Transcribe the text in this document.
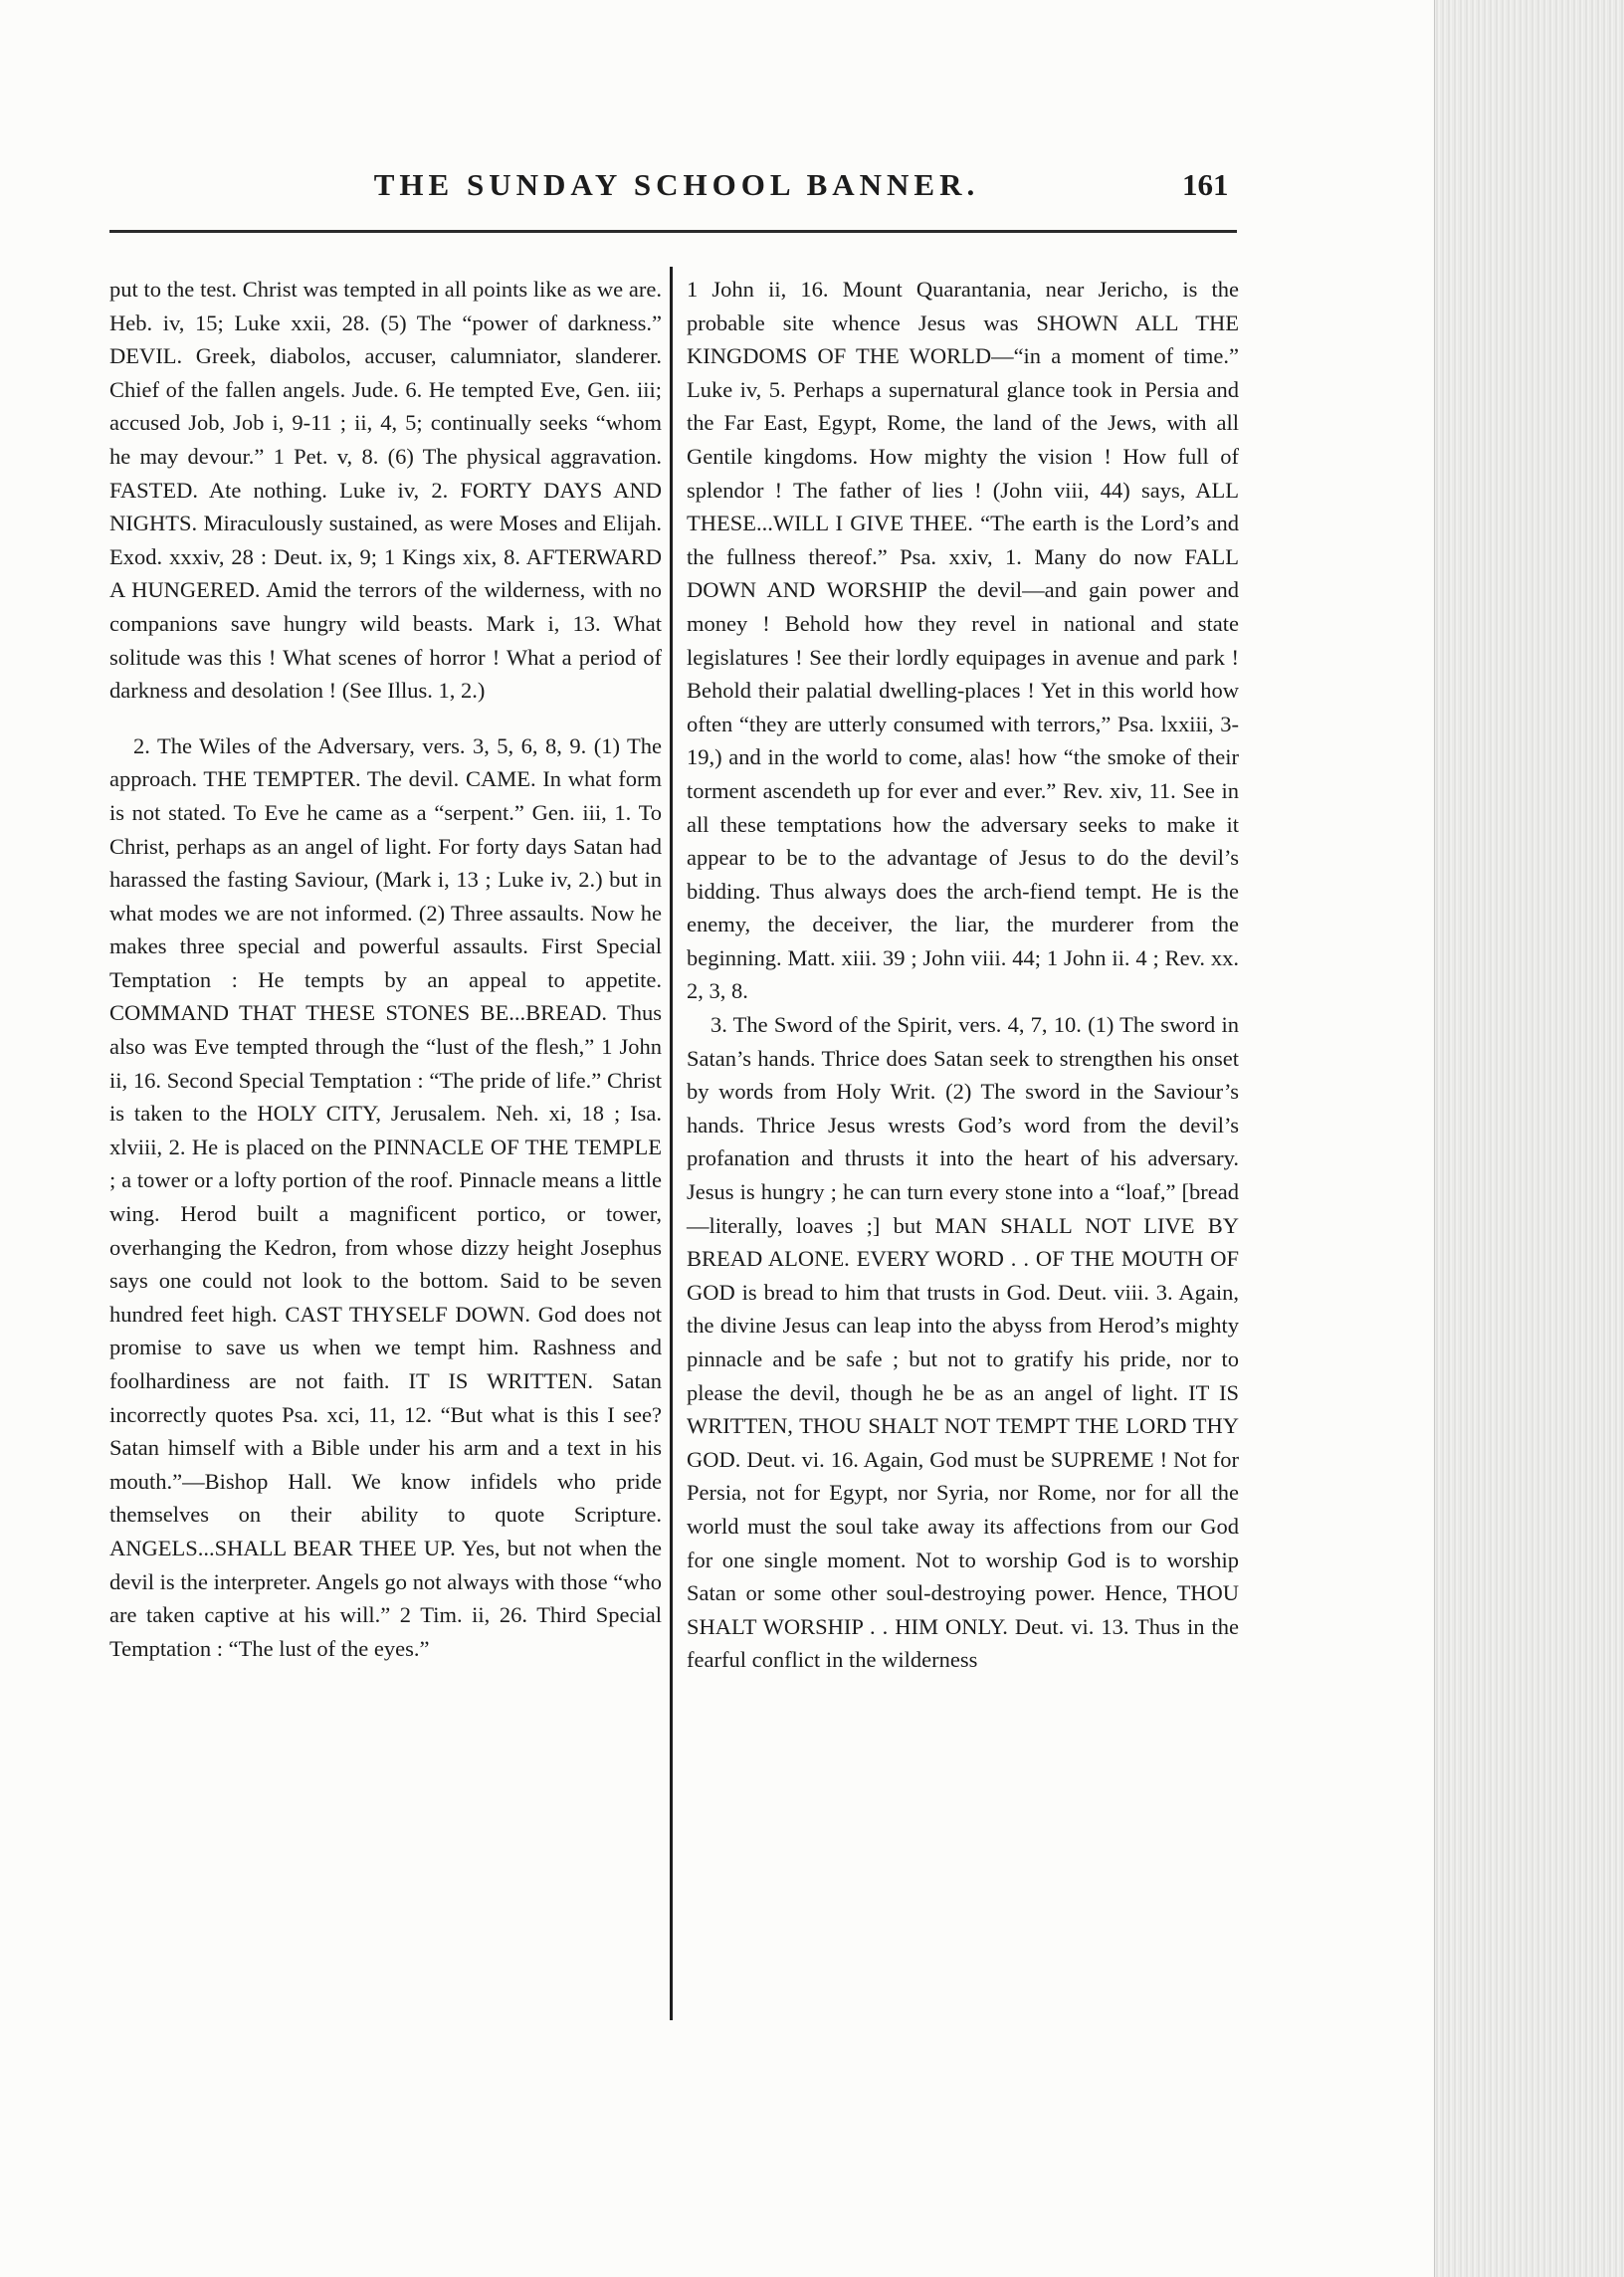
THE SUNDAY SCHOOL BANNER.	161

put to the test. Christ was tempted in all points like as we are. Heb. iv, 15; Luke xxii, 28. (5) The “power of darkness.” DEVIL. Greek, diabolos, accuser, calumniator, slanderer. Chief of the fallen angels. Jude. 6. He tempted Eve, Gen. iii; accused Job, Job i, 9-11 ; ii, 4, 5; continually seeks “whom he may devour.” 1 Pet. v, 8. (6) The physical aggravation. FASTED. Ate nothing. Luke iv, 2. FORTY DAYS AND NIGHTS. Miraculously sustained, as were Moses and Elijah. Exod. xxxiv, 28 : Deut. ix, 9; 1 Kings xix, 8. AFTERWARD A HUNGERED. Amid the terrors of the wilderness, with no companions save hungry wild beasts. Mark i, 13. What solitude was this ! What scenes of horror ! What a period of darkness and desolation ! (See Illus. 1, 2.)

2. The Wiles of the Adversary, vers. 3, 5, 6, 8, 9. (1) The approach. THE TEMPTER. The devil. CAME. In what form is not stated. To Eve he came as a “serpent.” Gen. iii, 1. To Christ, perhaps as an angel of light. For forty days Satan had harassed the fasting Saviour, (Mark i, 13 ; Luke iv, 2.) but in what modes we are not informed. (2) Three assaults. Now he makes three special and powerful assaults. First Special Temptation : He tempts by an appeal to appetite. COMMAND THAT THESE STONES BE...BREAD. Thus also was Eve tempted through the “lust of the flesh,” 1 John ii, 16. Second Special Temptation : “The pride of life.” Christ is taken to the HOLY CITY, Jerusalem. Neh. xi, 18 ; Isa. xlviii, 2. He is placed on the PINNACLE OF THE TEMPLE ; a tower or a lofty portion of the roof. Pinnacle means a little wing. Herod built a magnificent portico, or tower, overhanging the Kedron, from whose dizzy height Josephus says one could not look to the bottom. Said to be seven hundred feet high. CAST THYSELF DOWN. God does not promise to save us when we tempt him. Rashness and foolhardiness are not faith. IT IS WRITTEN. Satan incorrectly quotes Psa. xci, 11, 12. “But what is this I see? Satan himself with a Bible under his arm and a text in his mouth.”—Bishop Hall. We know infidels who pride themselves on their ability to quote Scripture. ANGELS...SHALL BEAR THEE UP. Yes, but not when the devil is the interpreter. Angels go not always with those “who are taken captive at his will.” 2 Tim. ii, 26. Third Special Temptation : “The lust of the eyes.”

1 John ii, 16. Mount Quarantania, near Jericho, is the probable site whence Jesus was SHOWN ALL THE KINGDOMS OF THE WORLD—“in a moment of time.” Luke iv, 5. Perhaps a supernatural glance took in Persia and the Far East, Egypt, Rome, the land of the Jews, with all Gentile kingdoms. How mighty the vision ! How full of splendor ! The father of lies ! (John viii, 44) says, ALL THESE...WILL I GIVE THEE. “The earth is the Lord’s and the fullness thereof.” Psa. xxiv, 1. Many do now FALL DOWN AND WORSHIP the devil—and gain power and money ! Behold how they revel in national and state legislatures ! See their lordly equipages in avenue and park ! Behold their palatial dwelling-places ! Yet in this world how often “they are utterly consumed with terrors,” Psa. lxxiii, 3-19,) and in the world to come, alas! how “the smoke of their torment ascendeth up for ever and ever.” Rev. xiv, 11. See in all these temptations how the adversary seeks to make it appear to be to the advantage of Jesus to do the devil’s bidding. Thus always does the arch-fiend tempt. He is the enemy, the deceiver, the liar, the murderer from the beginning. Matt. xiii. 39 ; John viii. 44; 1 John ii. 4 ; Rev. xx. 2, 3, 8.

3. The Sword of the Spirit, vers. 4, 7, 10. (1) The sword in Satan’s hands. Thrice does Satan seek to strengthen his onset by words from Holy Writ. (2) The sword in the Saviour’s hands. Thrice Jesus wrests God’s word from the devil’s profanation and thrusts it into the heart of his adversary. Jesus is hungry ; he can turn every stone into a “loaf,” [bread—literally, loaves ;] but MAN SHALL NOT LIVE BY BREAD ALONE. EVERY WORD . . OF THE MOUTH OF GOD is bread to him that trusts in God. Deut. viii. 3. Again, the divine Jesus can leap into the abyss from Herod’s mighty pinnacle and be safe ; but not to gratify his pride, nor to please the devil, though he be as an angel of light. IT IS WRITTEN, THOU SHALT NOT TEMPT THE LORD THY GOD. Deut. vi. 16. Again, God must be SUPREME ! Not for Persia, not for Egypt, nor Syria, nor Rome, nor for all the world must the soul take away its affections from our God for one single moment. Not to worship God is to worship Satan or some other soul-destroying power. Hence, THOU SHALT WORSHIP . . HIM ONLY. Deut. vi. 13. Thus in the fearful conflict in the wilderness
